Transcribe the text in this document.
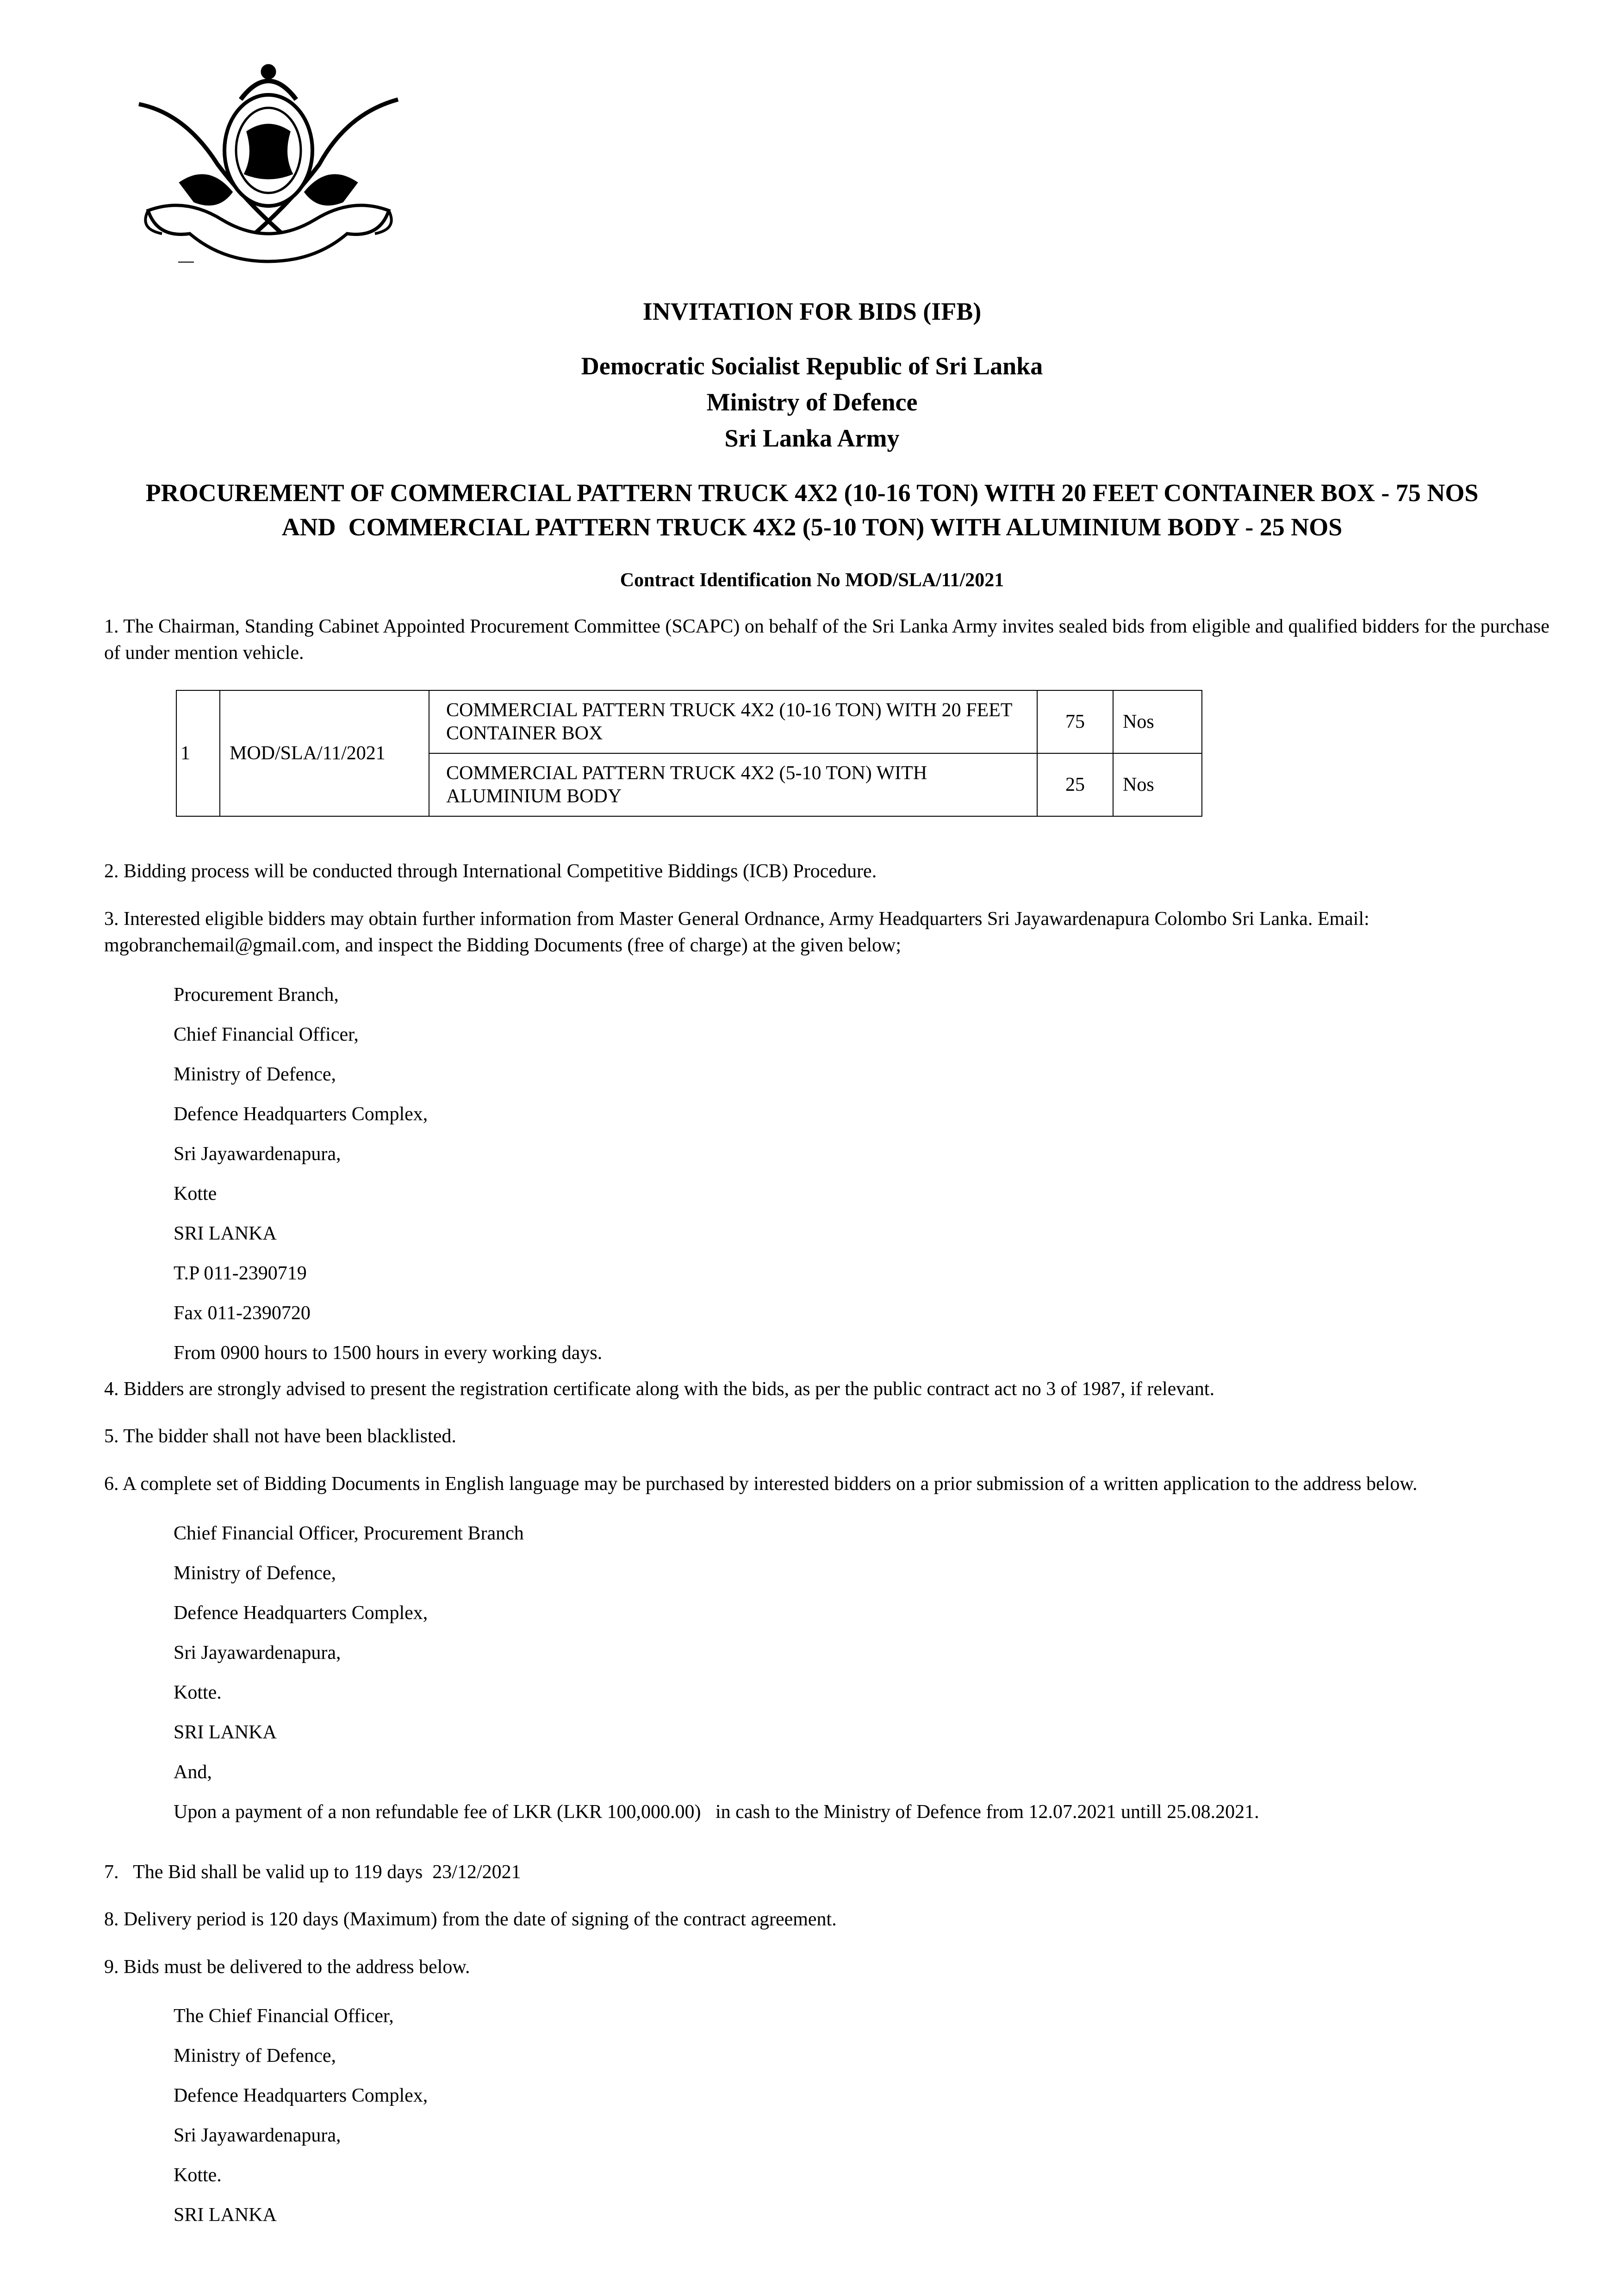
INVITATION FOR BIDS (IFB)
Democratic Socialist Republic of Sri Lanka
Ministry of Defence
Sri Lanka Army
PROCUREMENT OF COMMERCIAL PATTERN TRUCK 4X2 (10-16 TON) WITH 20 FEET CONTAINER BOX - 75 NOS
AND  COMMERCIAL PATTERN TRUCK 4X2 (5-10 TON) WITH ALUMINIUM BODY - 25 NOS
Contract Identification No MOD/SLA/11/2021
1. The Chairman, Standing Cabinet Appointed Procurement Committee (SCAPC) on behalf of the Sri Lanka Army invites sealed bids from eligible and qualified bidders for the purchase of under mention vehicle.
1	MOD/SLA/11/2021	COMMERCIAL PATTERN TRUCK 4X2 (10-16 TON) WITH 20 FEET CONTAINER BOX	75	Nos
		COMMERCIAL PATTERN TRUCK 4X2 (5-10 TON) WITH ALUMINIUM BODY	25	Nos
2. Bidding process will be conducted through International Competitive Biddings (ICB) Procedure.
3. Interested eligible bidders may obtain further information from Master General Ordnance, Army Headquarters Sri Jayawardenapura Colombo Sri Lanka. Email: mgobranchemail@gmail.com, and inspect the Bidding Documents (free of charge) at the given below;
Procurement Branch,
Chief Financial Officer,
Ministry of Defence,
Defence Headquarters Complex,
Sri Jayawardenapura,
Kotte
SRI LANKA
T.P 011-2390719
Fax 011-2390720
From 0900 hours to 1500 hours in every working days.
4. Bidders are strongly advised to present the registration certificate along with the bids, as per the public contract act no 3 of 1987, if relevant.
5. The bidder shall not have been blacklisted.
6. A complete set of Bidding Documents in English language may be purchased by interested bidders on a prior submission of a written application to the address below.
Chief Financial Officer, Procurement Branch
Ministry of Defence,
Defence Headquarters Complex,
Sri Jayawardenapura,
Kotte.
SRI LANKA
And,
Upon a payment of a non refundable fee of LKR (LKR 100,000.00)   in cash to the Ministry of Defence from 12.07.2021 untill 25.08.2021.
7.   The Bid shall be valid up to 119 days  23/12/2021
8. Delivery period is 120 days (Maximum) from the date of signing of the contract agreement.
9. Bids must be delivered to the address below.
The Chief Financial Officer,
Ministry of Defence,
Defence Headquarters Complex,
Sri Jayawardenapura,
Kotte.
SRI LANKA
